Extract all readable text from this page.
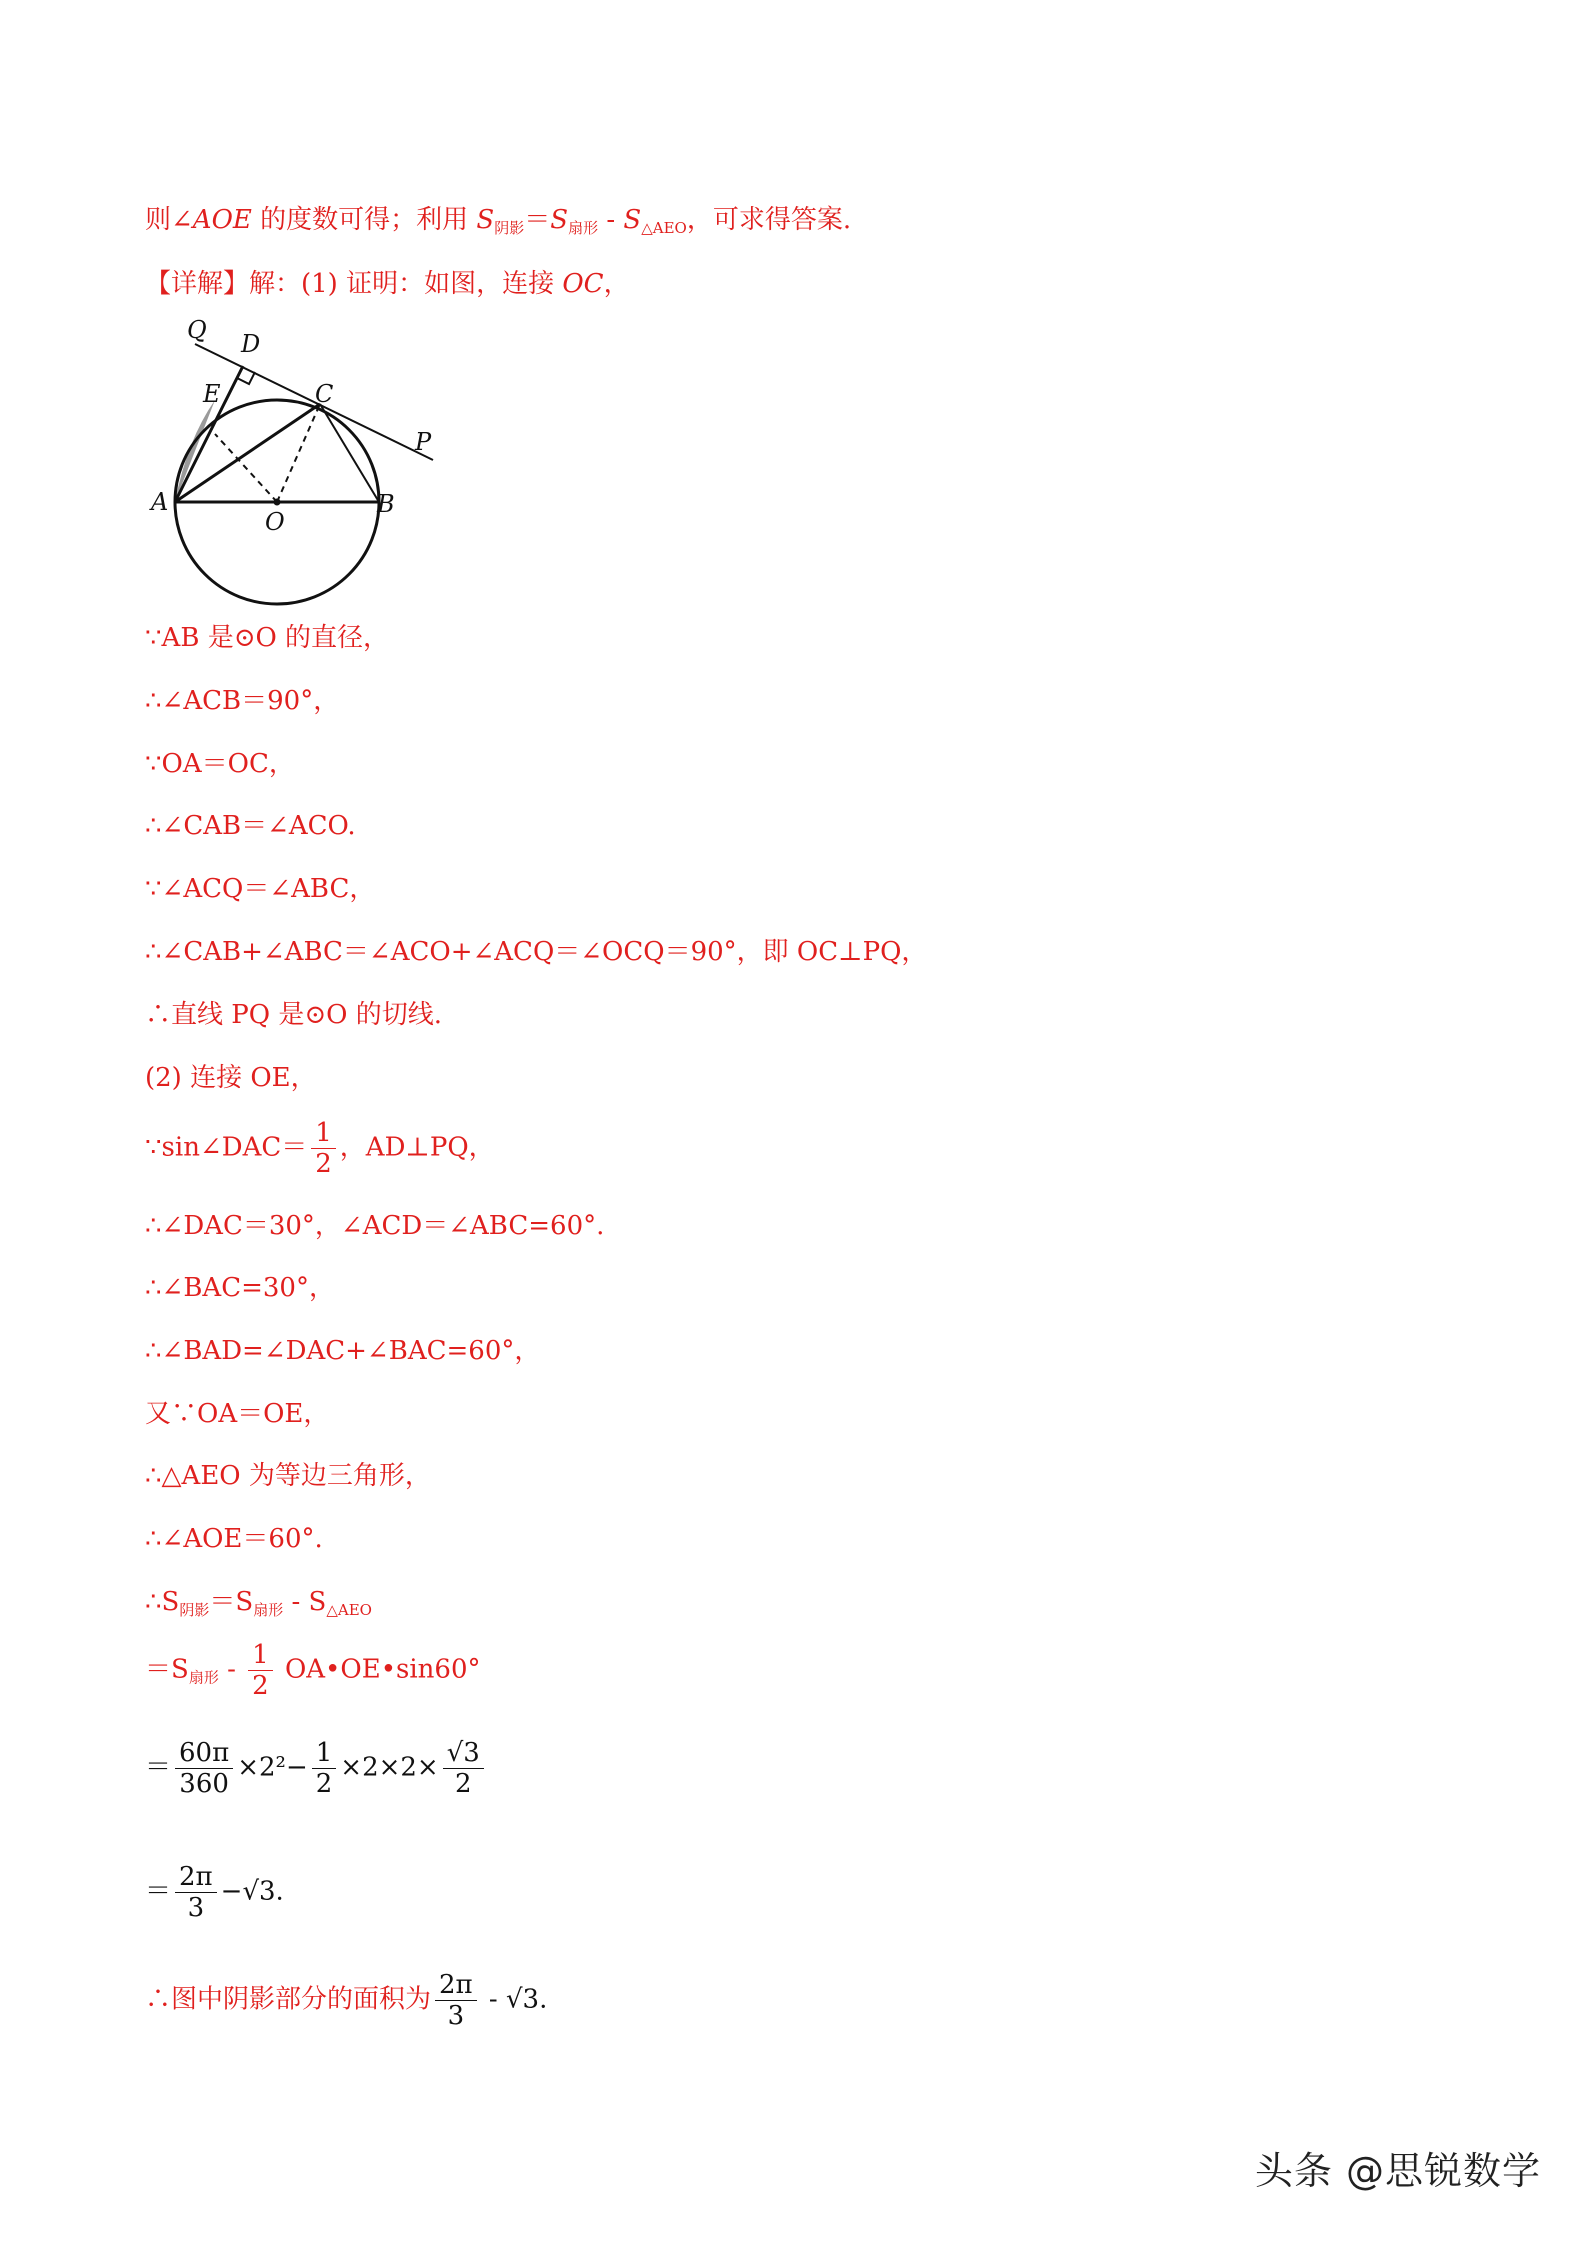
则∠AOE 的度数可得；利用 $S_{阴影}=S_{扇形} - S_{\triangle AEO}$，可求得答案.
【详解】解：(1) 证明：如图，连接 OC，
Q D
E	C
P
A
O
B
∵AB 是⊙O 的直径，
∴∠ACB＝90°，
∵OA＝OC，
∴∠CAB＝∠ACO.
∵∠ACQ＝∠ABC，
∴∠CAB+∠ABC＝∠ACO+∠ACQ＝∠OCQ＝90°，即 OC⊥PQ，
∴直线 PQ 是⊙O 的切线.
(2) 连接 OE，
∵sin∠DAC＝ $\frac{1}{2}$ ，AD⊥PQ，
∴∠DAC＝30°，∠ACD＝∠ABC=60°.
∴∠BAC=30°，
∴∠BAD=∠DAC+∠BAC=60°，
又∵OA＝OE，
∴△AEO 为等边三角形，
∴∠AOE＝60°.
$\therefore S_{阴影}=S_{扇形} - S_{\triangle AEO}$
$=S_{扇形} - \frac{1}{2}$ OA•OE•sin60°
＝ $\frac{60\pi}{360} \times 2^2- \frac{1}{2} \times 2\times 2\times \frac{√3}{2}$
＝ $\frac{2\pi}{3} -√3$.
∴图中阴影部分的面积为 $\frac{2\pi}{3} - √3$.
头条 @思锐数学
